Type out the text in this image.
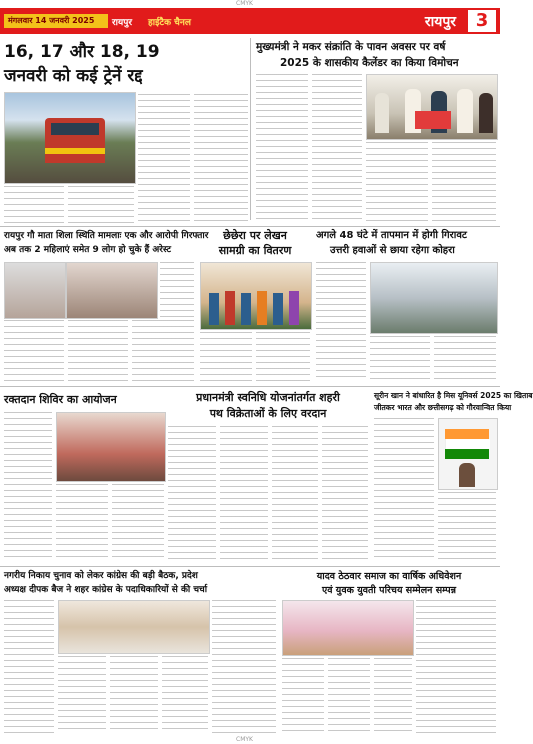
CMYK
मंगलवार 14 जनवरी 2025	रायपुर हाईटैक चैनल	रायपुर	3
16, 17 और 18, 19
जनवरी को कई ट्रेनें रद्द
मुख्यमंत्री ने मकर संक्रांति के पावन अवसर पर वर्ष
2025 के शासकीय कैलेंडर का किया विमोचन
रायपुर गौ माता शिला स्थिति मामलाः एक और आरोपी गिरफ्तार
अब तक 2 महिलाएं समेत 9 लोग हो चुके हैं अरेस्ट
छेछेरा पर लेखन
सामग्री का वितरण
अगले 48 घंटे में तापमान में होगी गिरावट
उत्तरी हवाओं से छाया रहेगा कोहरा
रक्तदान शिविर का आयोजन	प्रधानमंत्री स्वनिधि योजनांतर्गत शहरी
पथ विक्रेताओं के लिए वरदान
सूरीन खान ने बांधारित है मिस यूनिवर्स 2025 का खिताब
जीतकर भारत और छत्तीसगढ़ को गौरवान्वित किया
नगरीय निकाय चुनाव को लेकर कांग्रेस की बड़ी बैठक, प्रदेश
अध्यक्ष दीपक बैज ने शहर कांग्रेस के पदाधिकारियों से की चर्चा
यादव ठेठवार समाज का वार्षिक अधिवेशन
एवं युवक युवती परिचय सम्मेलन सम्पन्न
CMYK
